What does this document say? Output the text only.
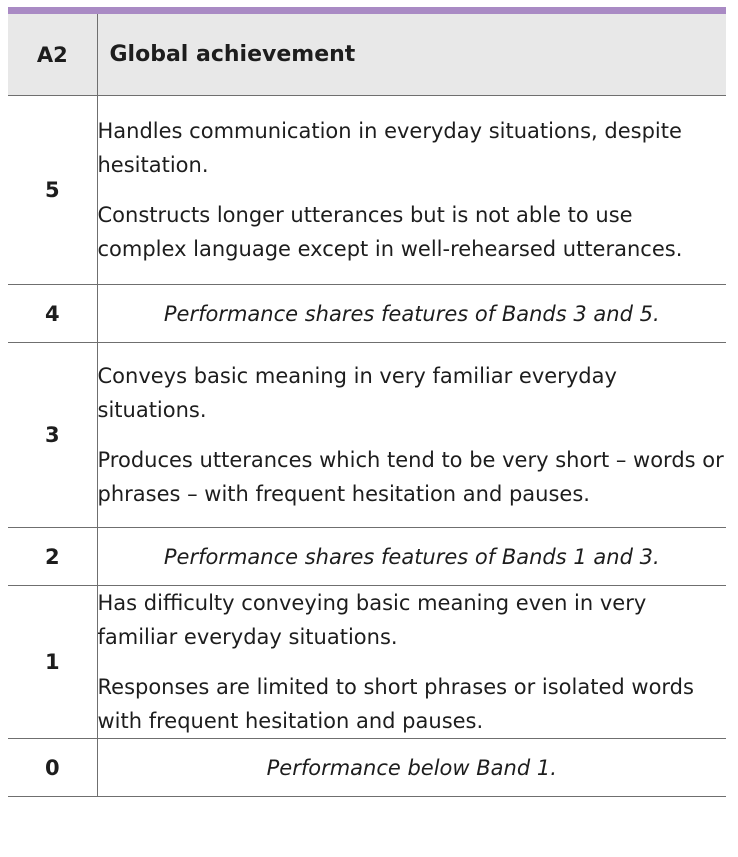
A2	Global achievement
5	Handles communication in everyday situations, despite hesitation.

Constructs longer utterances but is not able to use complex language except in well-rehearsed utterances.

4	Performance shares features of Bands 3 and 5.
3	Conveys basic meaning in very familiar everyday situations.

Produces utterances which tend to be very short – words or phrases – with frequent hesitation and pauses.

2	Performance shares features of Bands 1 and 3.
1	Has difficulty conveying basic meaning even in very familiar everyday situations.

Responses are limited to short phrases or isolated words with frequent hesitation and pauses.

0	Performance below Band 1.
